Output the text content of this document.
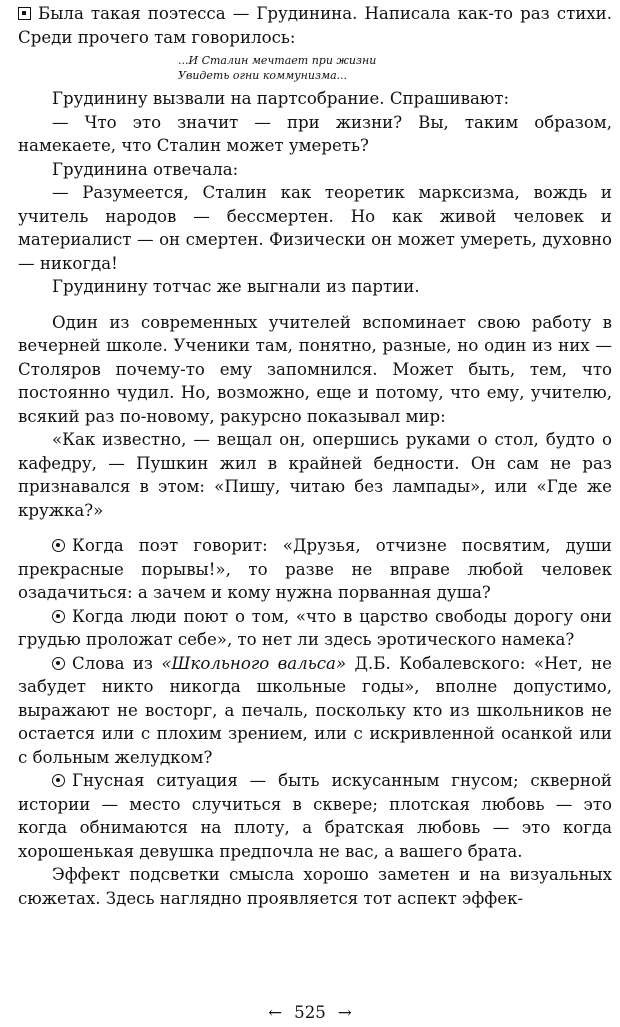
Была такая поэтесса — Грудинина. Написала как-то раз стихи. Среди прочего там говорилось:

...И Сталин мечтает при жизни
Увидеть огни коммунизма...

Грудинину вызвали на партсобрание. Спрашивают:

— Что это значит — при жизни? Вы, таким образом, намекаете, что Сталин может умереть?

Грудинина отвечала:

— Разумеется, Сталин как теоретик марксизма, вождь и учитель народов — бессмертен. Но как живой человек и материалист — он смертен. Физически он может умереть, духовно — никогда!

Грудинину тотчас же выгнали из партии.

Один из современных учителей вспоминает свою работу в вечерней школе. Ученики там, понятно, разные, но один из них — Столяров почему-то ему запомнился. Может быть, тем, что постоянно чудил. Но, возможно, еще и потому, что ему, учителю, всякий раз по-новому, ракурсно показывал мир:

«Как известно, — вещал он, опершись руками о стол, будто о кафедру, — Пушкин жил в крайней бедности. Он сам не раз признавался в этом: «Пишу, читаю без лампады», или «Где же кружка?»

Когда поэт говорит: «Друзья, отчизне посвятим, души прекрасные порывы!», то разве не вправе любой человек озадачиться: а зачем и кому нужна порванная душа?

Когда люди поют о том, «что в царство свободы дорогу они грудью проложат себе», то нет ли здесь эротического намека?

Слова из «Школьного вальса» Д.Б. Кобалевского: «Нет, не забудет никто никогда школьные годы», вполне допустимо, выражают не восторг, а печаль, поскольку кто из школьников не остается или с плохим зрением, или с искривленной осанкой или с больным желудком?

Гнусная ситуация — быть искусанным гнусом; скверной истории — место случиться в сквере; плотская любовь — это когда обнимаются на плоту, а братская любовь — это когда хорошенькая девушка предпочла не вас, а вашего брата.

Эффект подсветки смысла хорошо заметен и на визуальных сюжетах. Здесь наглядно проявляется тот аспект эффек-

← 525 →
